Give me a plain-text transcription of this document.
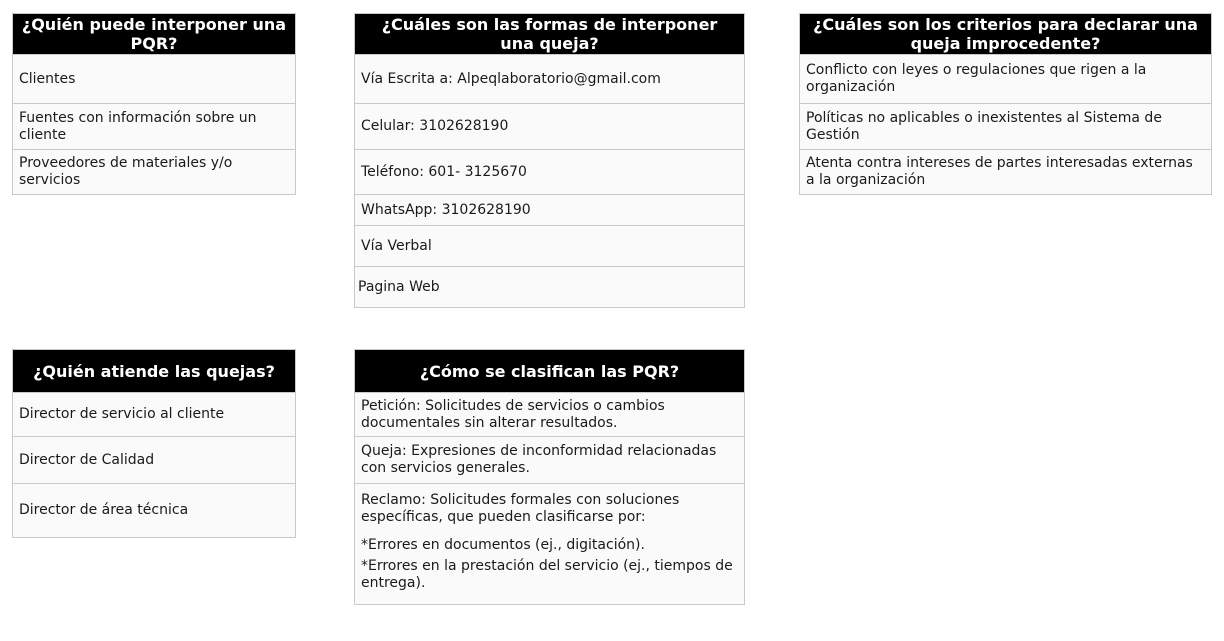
¿Quién puede interponer una PQR?
Clientes
Fuentes con información sobre un cliente
Proveedores de materiales y/o servicios
¿Cuáles son las formas de interponer una queja?
Vía Escrita a: Alpeqlaboratorio@gmail.com
Celular: 3102628190
Teléfono: 601- 3125670
WhatsApp: 3102628190
Vía Verbal
Pagina Web
¿Cuáles son los criterios para declarar una queja improcedente?
Conflicto con leyes o regulaciones que rigen a la organización
Políticas no aplicables o inexistentes al Sistema de Gestión
Atenta contra intereses de partes interesadas externas a la organización
¿Quién atiende las quejas?
Director de servicio al cliente
Director de Calidad
Director de área técnica
¿Cómo se clasifican las PQR?
Petición: Solicitudes de servicios o cambios documentales sin alterar resultados.
Queja: Expresiones de inconformidad relacionadas con servicios generales.
Reclamo: Solicitudes formales con soluciones específicas, que pueden clasificarse por:
*Errores en documentos (ej., digitación).
*Errores en la prestación del servicio (ej., tiempos de entrega).
